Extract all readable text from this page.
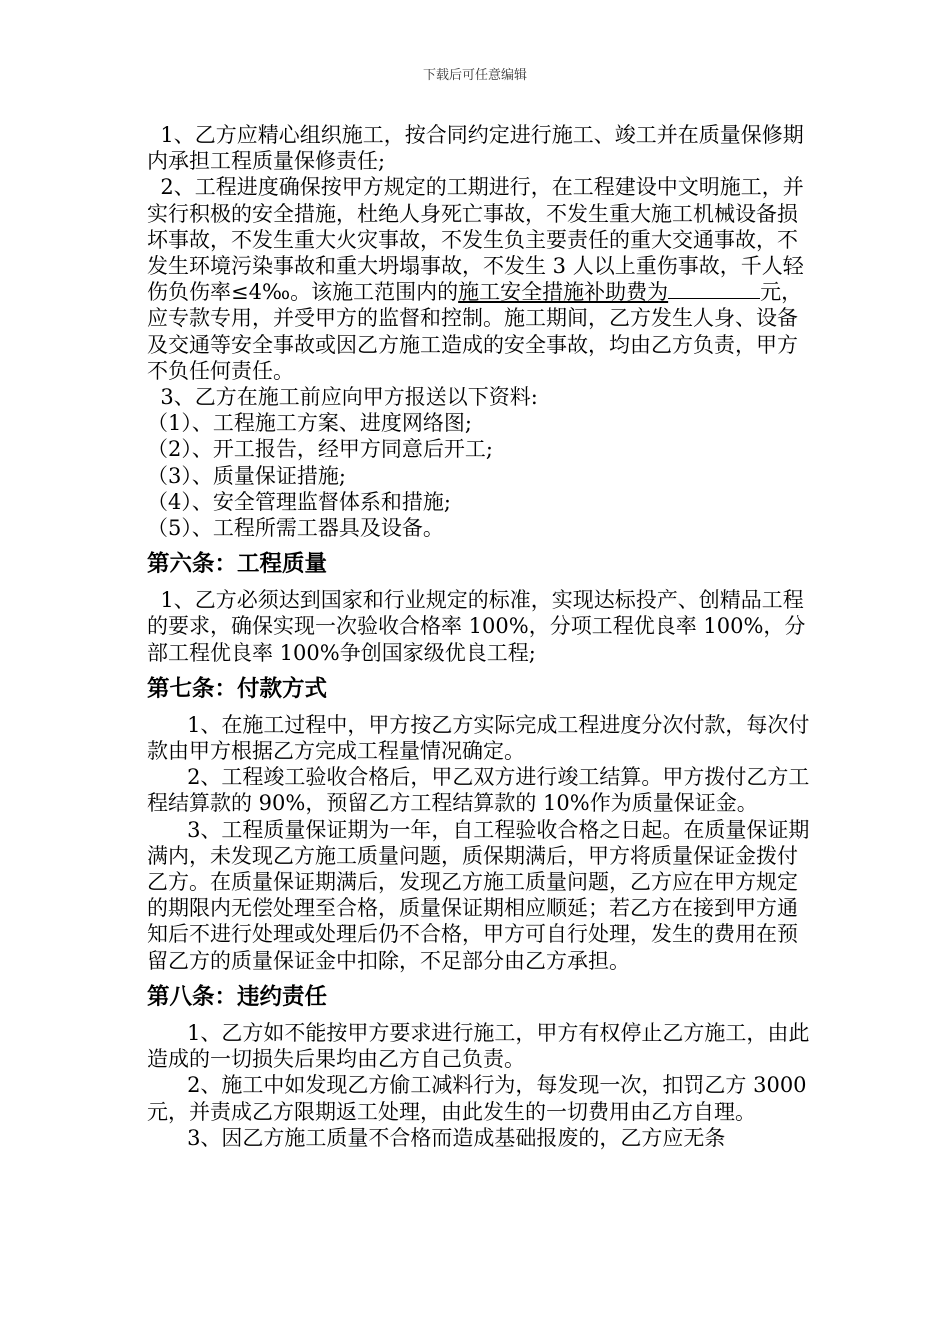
下载后可任意编辑

1、乙方应精心组织施工，按合同约定进行施工、竣工并在质量保修期内承担工程质量保修责任;

2、工程进度确保按甲方规定的工期进行，在工程建设中文明施工，并实行积极的安全措施，杜绝人身死亡事故，不发生重大施工机械设备损坏事故，不发生重大火灾事故，不发生负主要责任的重大交通事故，不发生环境污染事故和重大坍塌事故，不发生 3 人以上重伤事故，千人轻伤负伤率≤4‰。该施工范围内的施工安全措施补助费为	元，应专款专用，并受甲方的监督和控制。施工期间，乙方发生人身、设备及交通等安全事故或因乙方施工造成的安全事故，均由乙方负责，甲方不负任何责任。

3、乙方在施工前应向甲方报送以下资料:

（1）、工程施工方案、进度网络图;

（2）、开工报告，经甲方同意后开工;

（3）、质量保证措施;

（4）、安全管理监督体系和措施;

（5）、工程所需工器具及设备。

第六条：工程质量

1、乙方必须达到国家和行业规定的标准，实现达标投产、创精品工程的要求，确保实现一次验收合格率 100%，分项工程优良率 100%，分部工程优良率 100%争创国家级优良工程;

第七条：付款方式

1、在施工过程中，甲方按乙方实际完成工程进度分次付款，每次付款由甲方根据乙方完成工程量情况确定。

2、工程竣工验收合格后，甲乙双方进行竣工结算。甲方拨付乙方工程结算款的 90%，预留乙方工程结算款的 10%作为质量保证金。

3、工程质量保证期为一年，自工程验收合格之日起。在质量保证期满内，未发现乙方施工质量问题，质保期满后，甲方将质量保证金拨付乙方。在质量保证期满后，发现乙方施工质量问题，乙方应在甲方规定的期限内无偿处理至合格，质量保证期相应顺延；若乙方在接到甲方通知后不进行处理或处理后仍不合格，甲方可自行处理，发生的费用在预留乙方的质量保证金中扣除，不足部分由乙方承担。

第八条：违约责任

1、乙方如不能按甲方要求进行施工，甲方有权停止乙方施工，由此造成的一切损失后果均由乙方自己负责。

2、施工中如发现乙方偷工减料行为，每发现一次，扣罚乙方 3000 元，并责成乙方限期返工处理，由此发生的一切费用由乙方自理。

3、因乙方施工质量不合格而造成基础报废的，乙方应无条
